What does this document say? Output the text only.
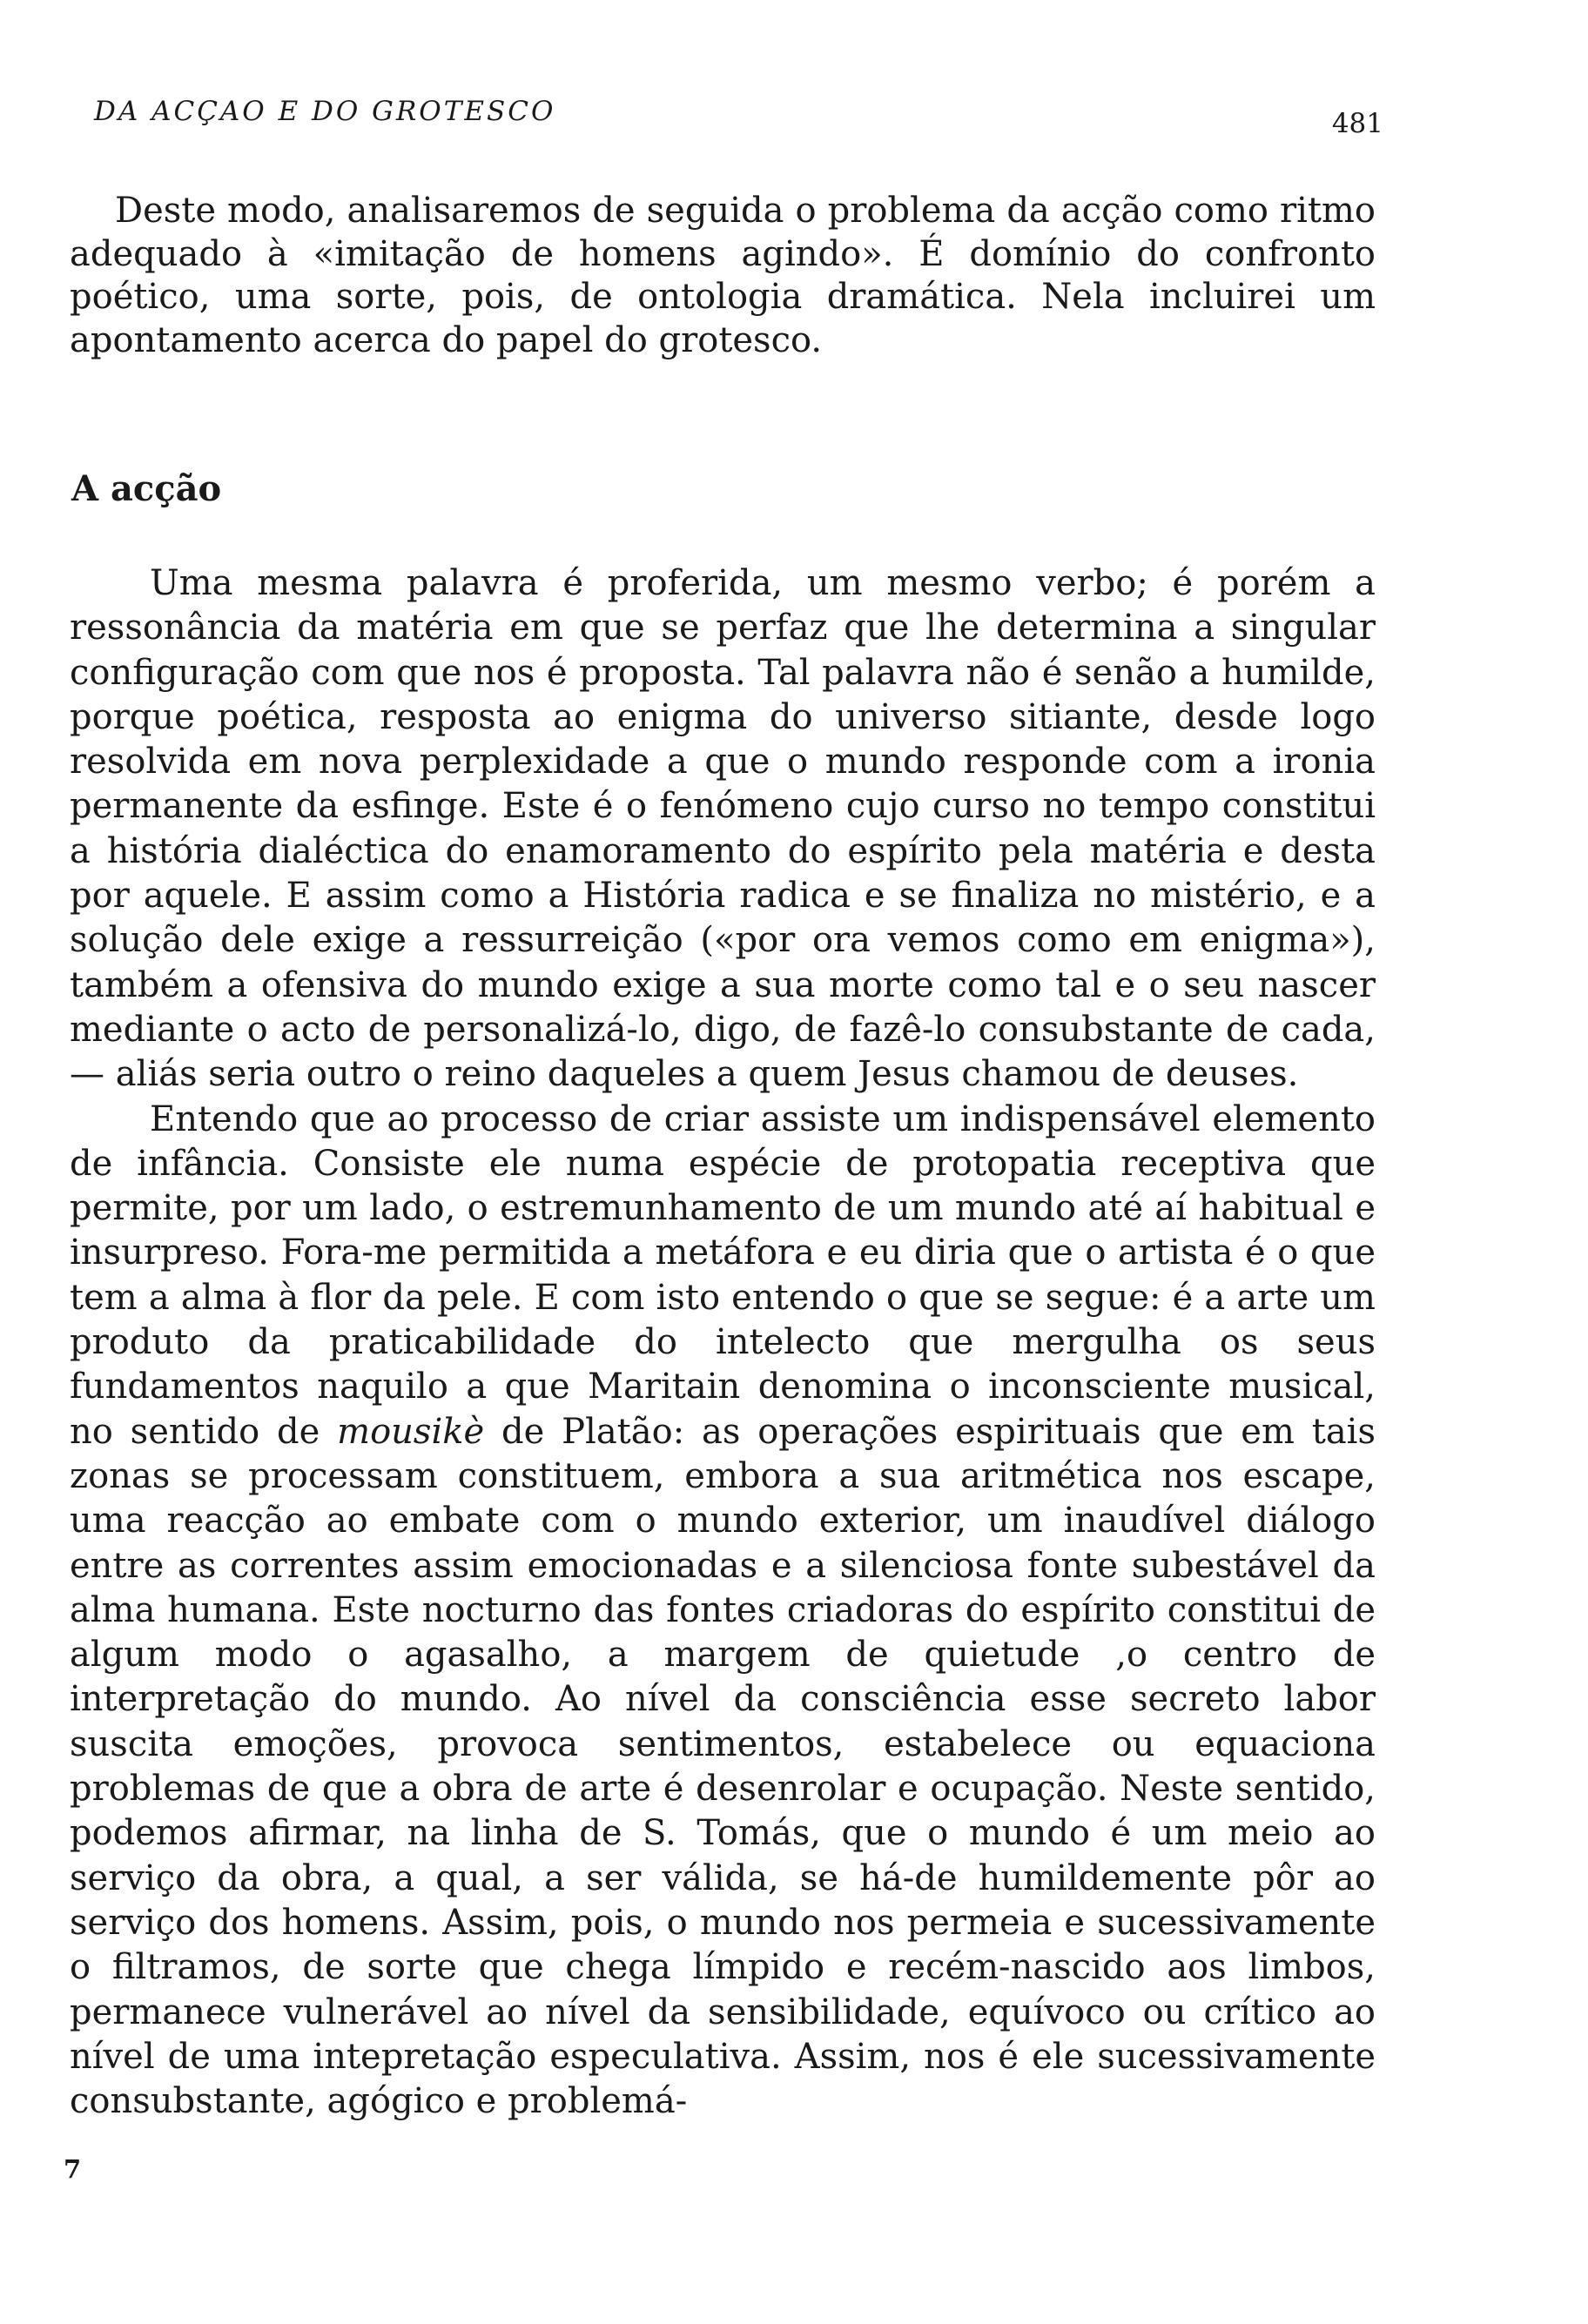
DA ACÇAO E DO GROTESCO	481

Deste modo, analisaremos de seguida o problema da acção como ritmo adequado à «imitação de homens agindo». É domínio do confronto poético, uma sorte, pois, de ontologia dramática. Nela incluirei um apontamento acerca do papel do grotesco.

A acção

Uma mesma palavra é proferida, um mesmo verbo; é porém a ressonância da matéria em que se perfaz que lhe determina a singular configuração com que nos é proposta. Tal palavra não é senão a humilde, porque poética, resposta ao enigma do universo sitiante, desde logo resolvida em nova perplexidade a que o mundo responde com a ironia permanente da esfinge. Este é o fenómeno cujo curso no tempo constitui a história dialéctica do enamoramento do espírito pela matéria e desta por aquele. E assim como a História radica e se finaliza no mistério, e a solução dele exige a ressurreição («por ora vemos como em enigma»), também a ofensiva do mundo exige a sua morte como tal e o seu nascer mediante o acto de personalizá-lo, digo, de fazê-lo consubstante de cada, — aliás seria outro o reino daqueles a quem Jesus chamou de deuses.

Entendo que ao processo de criar assiste um indispensável elemento de infância. Consiste ele numa espécie de protopatia receptiva que permite, por um lado, o estremunhamento de um mundo até aí habitual e insurpreso. Fora-me permitida a metáfora e eu diria que o artista é o que tem a alma à flor da pele. E com isto entendo o que se segue: é a arte um produto da praticabilidade do intelecto que mergulha os seus fundamentos naquilo a que Maritain denomina o inconsciente musical, no sentido de mousikè de Platão: as operações espirituais que em tais zonas se processam constituem, embora a sua aritmética nos escape, uma reacção ao embate com o mundo exterior, um inaudível diálogo entre as correntes assim emocionadas e a silenciosa fonte subestável da alma humana. Este nocturno das fontes criadoras do espírito constitui de algum modo o agasalho, a margem de quietude ,o centro de interpretação do mundo. Ao nível da consciência esse secreto labor suscita emoções, provoca sentimentos, estabelece ou equaciona problemas de que a obra de arte é desenrolar e ocupação. Neste sentido, podemos afirmar, na linha de S. Tomás, que o mundo é um meio ao serviço da obra, a qual, a ser válida, se há-de humildemente pôr ao serviço dos homens. Assim, pois, o mundo nos permeia e sucessivamente o filtramos, de sorte que chega límpido e recém-nascido aos limbos, permanece vulnerável ao nível da sensibilidade, equívoco ou crítico ao nível de uma intepretação especulativa. Assim, nos é ele sucessivamente consubstante, agógico e problemá-

7
